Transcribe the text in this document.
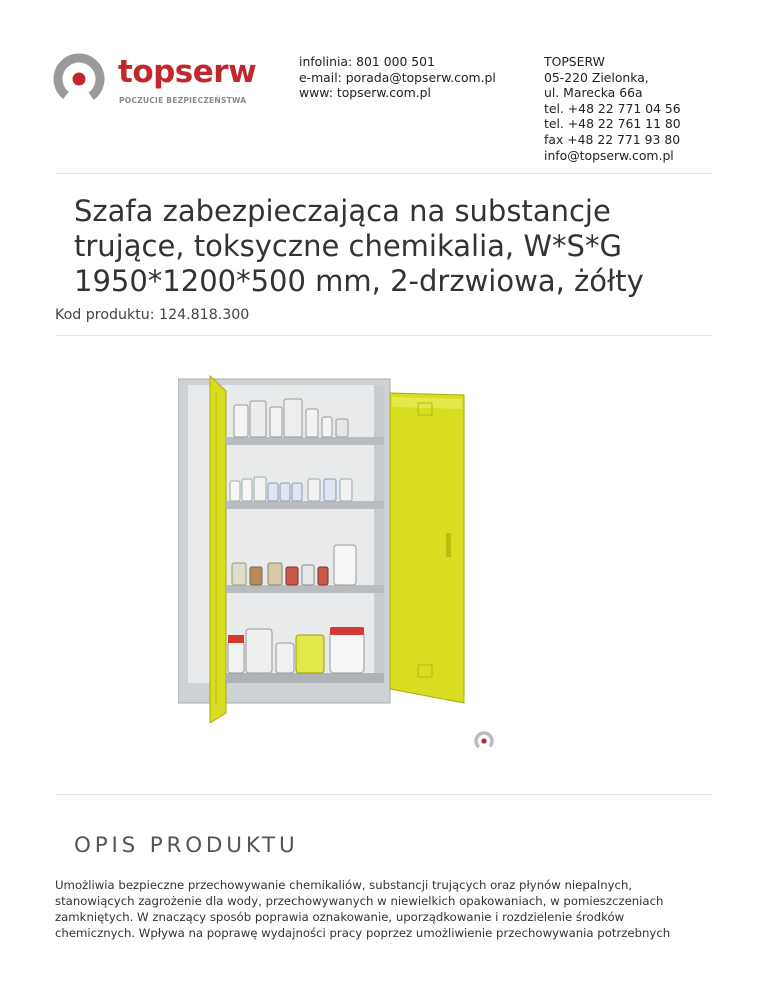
topserw
POCZUCIE BEZPIECZEŃSTWA
infolinia: 801 000 501
e-mail: porada@topserw.com.pl
www: topserw.com.pl
TOPSERW
05-220 Zielonka,
ul. Marecka 66a
tel. +48 22 771 04 56
tel. +48 22 761 11 80
fax +48 22 771 93 80
info@topserw.com.pl
Szafa zabezpieczająca na substancje
trujące, toksyczne chemikalia, W*S*G
1950*1200*500 mm, 2-drzwiowa, żółty
Kod produktu: 124.818.300
OPIS PRODUKTU

Umożliwia bezpieczne przechowywanie chemikaliów, substancji trujących oraz płynów niepalnych,
stanowiących zagrożenie dla wody, przechowywanych w niewielkich opakowaniach, w pomieszczeniach
zamkniętych. W znaczący sposób poprawia oznakowanie, uporządkowanie i rozdzielenie środków
chemicznych. Wpływa na poprawę wydajności pracy poprzez umożliwienie przechowywania potrzebnych
